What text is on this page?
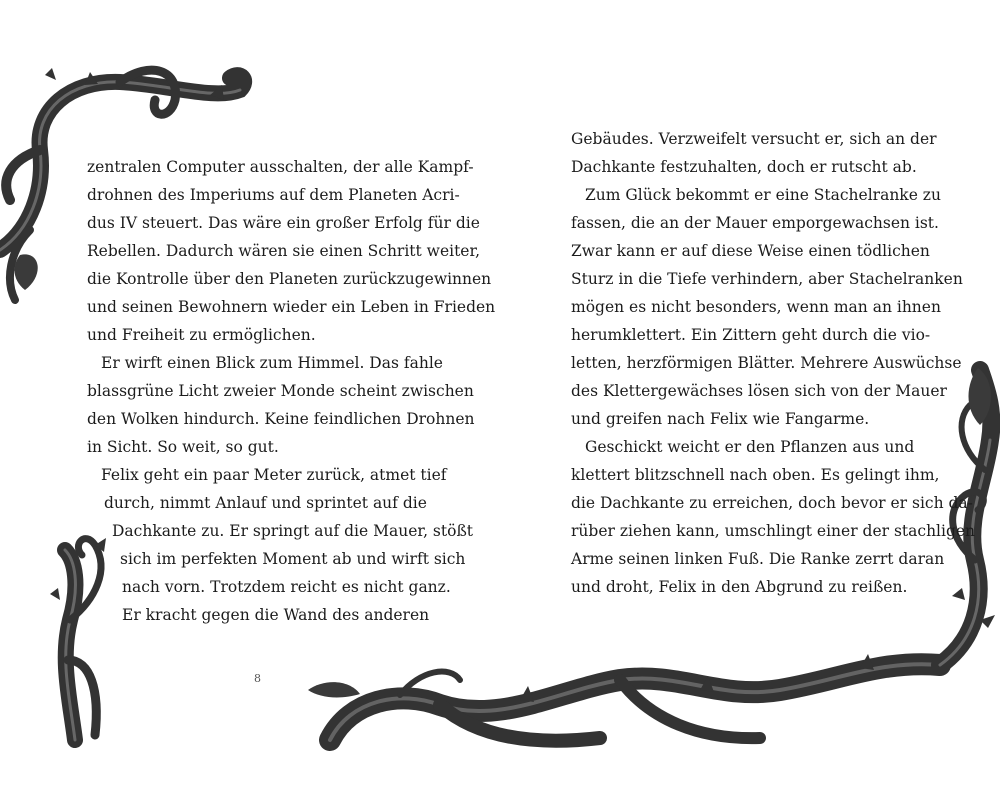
zentralen Computer ausschalten, der alle Kampf-

drohnen des Imperiums auf dem Planeten Acri-

dus IV steuert. Das wäre ein großer Erfolg für die

Rebellen. Dadurch wären sie einen Schritt weiter,

die Kontrolle über den Planeten zurückzugewinnen

und seinen Bewohnern wieder ein Leben in Frieden

und Freiheit zu ermöglichen.

Er wirft einen Blick zum Himmel. Das fahle

blassgrüne Licht zweier Monde scheint zwischen

den Wolken hindurch. Keine feindlichen Drohnen

in Sicht. So weit, so gut.

Felix geht ein paar Meter zurück, atmet tief

durch, nimmt Anlauf und sprintet auf die

Dachkante zu. Er springt auf die Mauer, stößt

sich im perfekten Moment ab und wirft sich

nach vorn. Trotzdem reicht es nicht ganz.

Er kracht gegen die Wand des anderen

8

Gebäudes. Verzweifelt versucht er, sich an der

Dachkante festzuhalten, doch er rutscht ab.

Zum Glück bekommt er eine Stachelranke zu

fassen, die an der Mauer emporgewachsen ist.

Zwar kann er auf diese Weise einen tödlichen

Sturz in die Tiefe verhindern, aber Stachelranken

mögen es nicht besonders, wenn man an ihnen

herumklettert. Ein Zittern geht durch die vio-

letten, herzförmigen Blätter. Mehrere Auswüchse

des Klettergewächses lösen sich von der Mauer

und greifen nach Felix wie Fangarme.

Geschickt weicht er den Pflanzen aus und

klettert blitzschnell nach oben. Es gelingt ihm,

die Dachkante zu erreichen, doch bevor er sich da-

rüber ziehen kann, umschlingt einer der stachligen

Arme seinen linken Fuß. Die Ranke zerrt daran

und droht, Felix in den Abgrund zu reißen.
